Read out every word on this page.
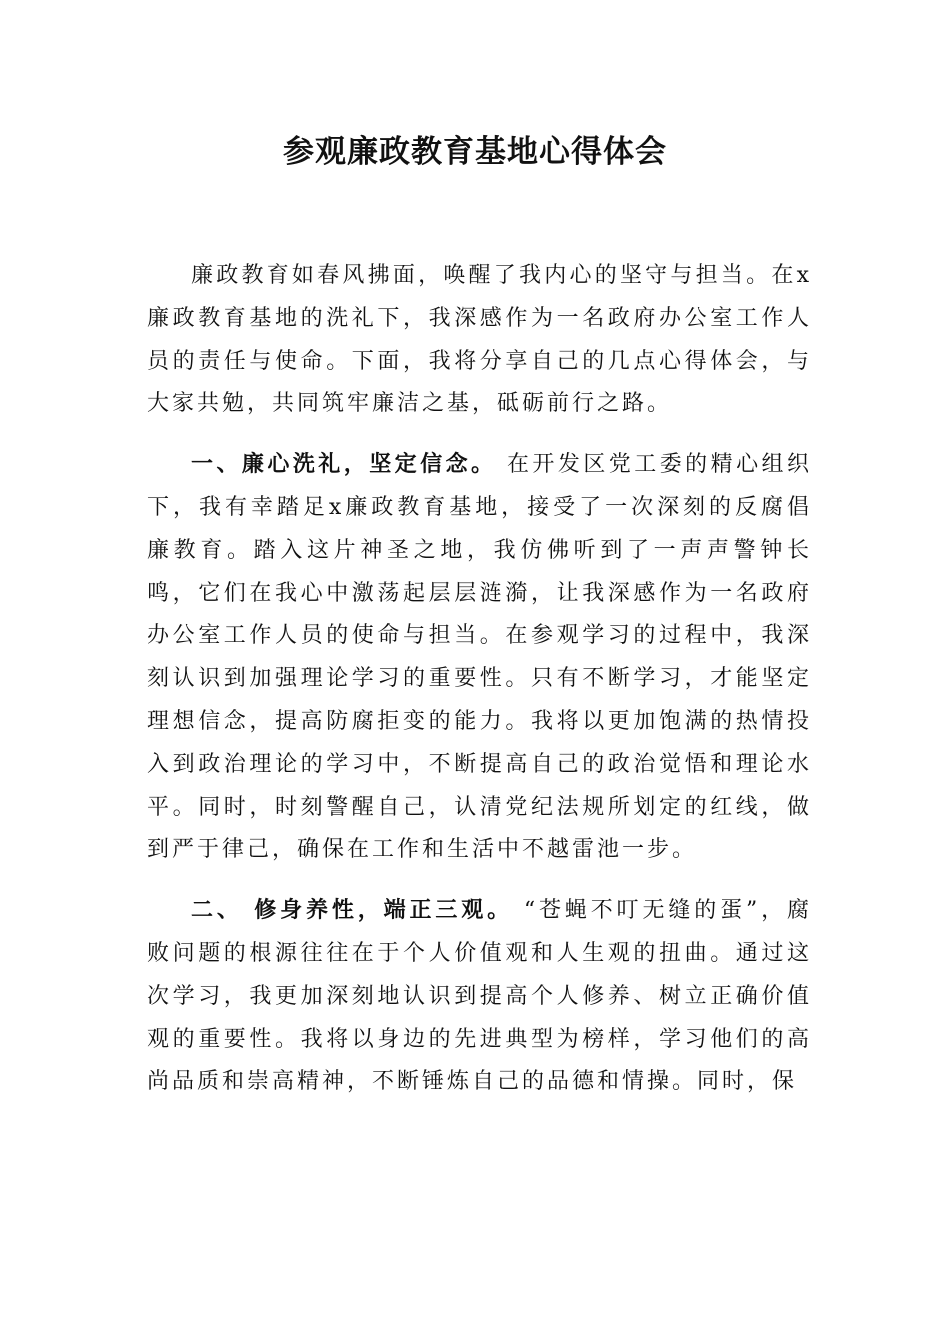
参观廉政教育基地心得体会

廉政教育如春风拂面，唤醒了我内心的坚守与担当。在x廉政教育基地的洗礼下，我深感作为一名政府办公室工作人员的责任与使命。下面，我将分享自己的几点心得体会，与大家共勉，共同筑牢廉洁之基，砥砺前行之路。

一、廉心洗礼，坚定信念。 在开发区党工委的精心组织下，我有幸踏足x廉政教育基地，接受了一次深刻的反腐倡廉教育。踏入这片神圣之地，我仿佛听到了一声声警钟长鸣，它们在我心中激荡起层层涟漪，让我深感作为一名政府办公室工作人员的使命与担当。在参观学习的过程中，我深刻认识到加强理论学习的重要性。只有不断学习，才能坚定理想信念，提高防腐拒变的能力。我将以更加饱满的热情投入到政治理论的学习中，不断提高自己的政治觉悟和理论水平。同时，时刻警醒自己，认清党纪法规所划定的红线，做到严于律己，确保在工作和生活中不越雷池一步。

二、 修身养性，端正三观。 “苍蝇不叮无缝的蛋”，腐败问题的根源往往在于个人价值观和人生观的扭曲。通过这次学习，我更加深刻地认识到提高个人修养、树立正确价值观的重要性。我将以身边的先进典型为榜样，学习他们的高尚品质和崇高精神，不断锤炼自己的品德和情操。同时，保
